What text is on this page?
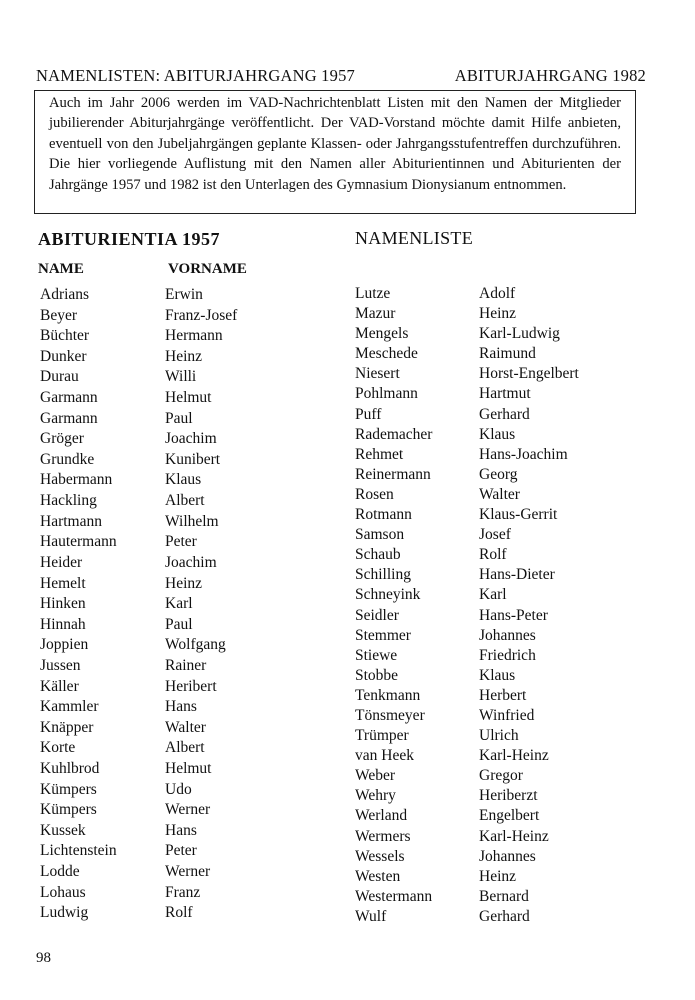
NAMENLISTEN: ABITURJAHRGANG 1957	ABITURJAHRGANG 1982
Auch im Jahr 2006 werden im VAD-Nachrichtenblatt Listen mit den Namen der Mitglieder jubilierender Abiturjahrgänge veröffentlicht. Der VAD-Vorstand möchte damit Hilfe anbieten, eventuell von den Jubeljahrgängen geplante Klassen- oder Jahrgangsstufentreffen durchzuführen. Die hier vorliegende Auflistung mit den Namen aller Abiturientinnen und Abiturienten der Jahrgänge 1957 und 1982 ist den Unterlagen des Gymnasium Dionysianum entnommen.
ABITURIENTIA 1957	NAMENLISTE
NAME	VORNAME
Adrians	Erwin
Beyer	Franz-Josef
Büchter	Hermann
Dunker	Heinz
Durau	Willi
Garmann	Helmut
Garmann	Paul
Gröger	Joachim
Grundke	Kunibert
Habermann	Klaus
Hackling	Albert
Hartmann	Wilhelm
Hautermann	Peter
Heider	Joachim
Hemelt	Heinz
Hinken	Karl
Hinnah	Paul
Joppien	Wolfgang
Jussen	Rainer
Käller	Heribert
Kammler	Hans
Knäpper	Walter
Korte	Albert
Kuhlbrod	Helmut
Kümpers	Udo
Kümpers	Werner
Kussek	Hans
Lichtenstein	Peter
Lodde	Werner
Lohaus	Franz
Ludwig	Rolf
Lutze	Adolf
Mazur	Heinz
Mengels	Karl-Ludwig
Meschede	Raimund
Niesert	Horst-Engelbert
Pohlmann	Hartmut
Puff	Gerhard
Rademacher	Klaus
Rehmet	Hans-Joachim
Reinermann	Georg
Rosen	Walter
Rotmann	Klaus-Gerrit
Samson	Josef
Schaub	Rolf
Schilling	Hans-Dieter
Schneyink	Karl
Seidler	Hans-Peter
Stemmer	Johannes
Stiewe	Friedrich
Stobbe	Klaus
Tenkmann	Herbert
Tönsmeyer	Winfried
Trümper	Ulrich
van Heek	Karl-Heinz
Weber	Gregor
Wehry	Heriberzt
Werland	Engelbert
Wermers	Karl-Heinz
Wessels	Johannes
Westen	Heinz
Westermann	Bernard
Wulf	Gerhard
98
